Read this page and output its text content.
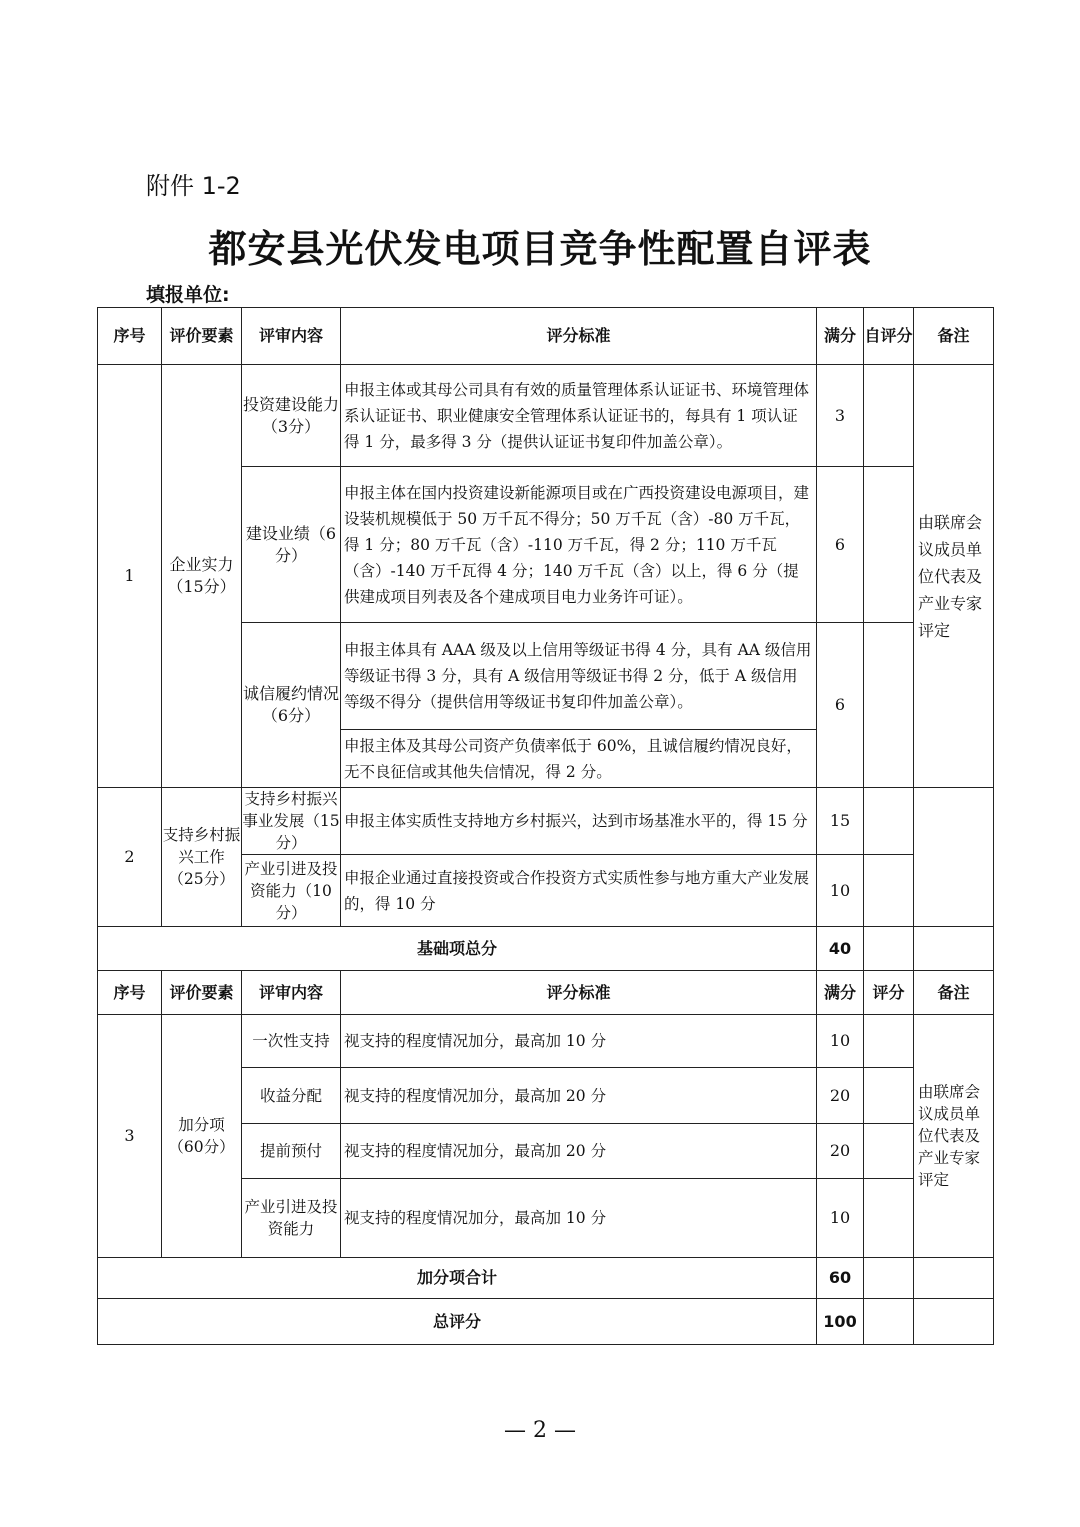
附件 1-2
都安县光伏发电项目竞争性配置自评表
填报单位:
序号	评价要素	评审内容	评分标准	满分	自评分	备注
1	企业实力（15分）	投资建设能力（3分）	申报主体或其母公司具有有效的质量管理体系认证证书、环境管理体系认证证书、职业健康安全管理体系认证证书的，每具有 1 项认证得 1 分，最多得 3 分（提供认证证书复印件加盖公章）。	3		由联席会议成员单位代表及产业专家评定
		建设业绩（6分）	申报主体在国内投资建设新能源项目或在广西投资建设电源项目，建设装机规模低于 50 万千瓦不得分；50 万千瓦（含）-80 万千瓦，得 1 分；80 万千瓦（含）-110 万千瓦，得 2 分；110 万千瓦（含）-140 万千瓦得 4 分；140 万千瓦（含）以上，得 6 分（提供建成项目列表及各个建成项目电力业务许可证）。	6		
		诚信履约情况（6分）	申报主体具有 AAA 级及以上信用等级证书得 4 分，具有 AA 级信用等级证书得 3 分，具有 A 级信用等级证书得 2 分，低于 A 级信用等级不得分（提供信用等级证书复印件加盖公章）。	6		
			申报主体及其母公司资产负债率低于 60%，且诚信履约情况良好，无不良征信或其他失信情况，得 2 分。			
2	支持乡村振兴工作（25分）	支持乡村振兴事业发展（15分）	申报主体实质性支持地方乡村振兴，达到市场基准水平的，得 15 分	15		
		产业引进及投资能力（10分）	申报企业通过直接投资或合作投资方式实质性参与地方重大产业发展的，得 10 分	10		
基础项总分				40		
序号	评价要素	评审内容	评分标准	满分	评分	备注
3	加分项（60分）	一次性支持	视支持的程度情况加分，最高加 10 分	10		由联席会议成员单位代表及产业专家评定
		收益分配	视支持的程度情况加分，最高加 20 分	20		
		提前预付	视支持的程度情况加分，最高加 20 分	20		
		产业引进及投资能力	视支持的程度情况加分，最高加 10 分	10		
加分项合计				60		
总评分				100		
— 2 —
